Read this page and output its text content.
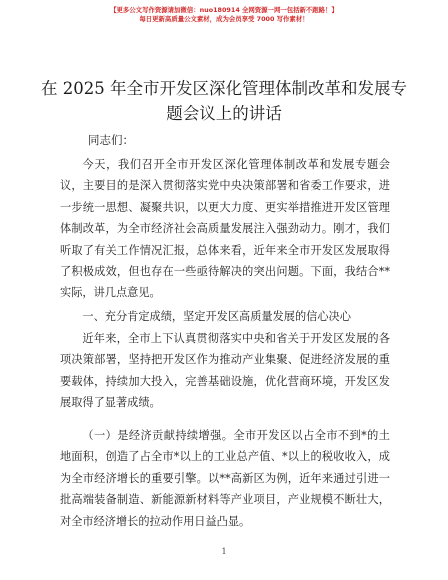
【更多公文写作资源请加微信：nuo180914 全网资源一网一包括新不跑路！】
每日更新高质量公文素材，成为会员享受 7000 写作素材！
在 2025 年全市开发区深化管理体制改革和发展专题会议上的讲话
同志们：

今天，我们召开全市开发区深化管理体制改革和发展专题会议，主要目的是深入贯彻落实党中央决策部署和省委工作要求，进一步统一思想、凝聚共识，以更大力度、更实举措推进开发区管理体制改革，为全市经济社会高质量发展注入强劲动力。刚才，我们听取了有关工作情况汇报，总体来看，近年来全市开发区发展取得了积极成效，但也存在一些亟待解决的突出问题。下面，我结合**实际，讲几点意见。

一、充分肯定成绩，坚定开发区高质量发展的信心决心

近年来，全市上下认真贯彻落实中央和省关于开发区发展的各项决策部署，坚持把开发区作为推动产业集聚、促进经济发展的重要载体，持续加大投入，完善基础设施，优化营商环境，开发区发展取得了显著成绩。

（一）是经济贡献持续增强。全市开发区以占全市不到*的土地面积，创造了占全市*以上的工业总产值、*以上的税收收入，成为全市经济增长的重要引擎。以**高新区为例，近年来通过引进一批高端装备制造、新能源新材料等产业项目，产业规模不断壮大，对全市经济增长的拉动作用日益凸显。

1
